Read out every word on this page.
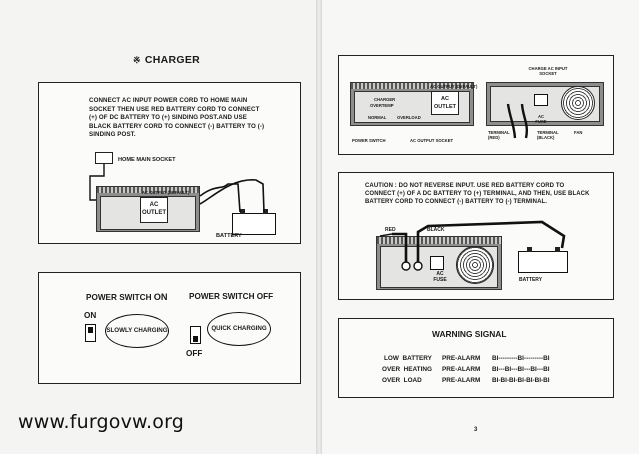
※ CHARGER
CONNECT AC INPUT POWER CORD TO HOME MAIN SOCKET THEN USE RED BATTERY CORD TO CONNECT (+) OF DC BATTERY TO (+) SINDING POST.AND USE BLACK BATTERY CORD TO CONNECT (-) BATTERY TO (-) SINDING POST.
HOME MAIN SOCKET
AC OUTLET
AC OUTPUT (DEFAULT)
BATTERY
POWER SWITCH ON	POWER SWITCH OFF
ON
SLOWLY CHARGING
OFF
QUICK CHARGING
www.furgovw.org
AC OUTLET
AC OUTPUT (DEFAULT)
CHARGER
OVERTEMP
NORMAL	OVERLOAD
POWER SWITCH	AC OUTPUT SOCKET
CHARGE AC INPUT SOCKET
TERMINAL (RED)
AC FUSE
TERMINAL (BLACK)
FAN
CAUTION : DO NOT REVERSE INPUT. USE RED BATTERY CORD TO CONNECT (+) OF A DC BATTERY TO (+) TERMINAL, AND THEN, USE BLACK BATTERY CORD TO CONNECT (-) BATTERY TO (-) TERMINAL.
AC FUSE
RED	BLACK
BATTERY
WARNING SIGNAL
LOW  BATTERY PRE-ALARM BI---------BI---------BI
OVER  HEATING PRE-ALARM BI---BI---BI---BI---BI
OVER  LOAD	PRE-ALARM BI-BI-BI-BI-BI-BI-BI
3
